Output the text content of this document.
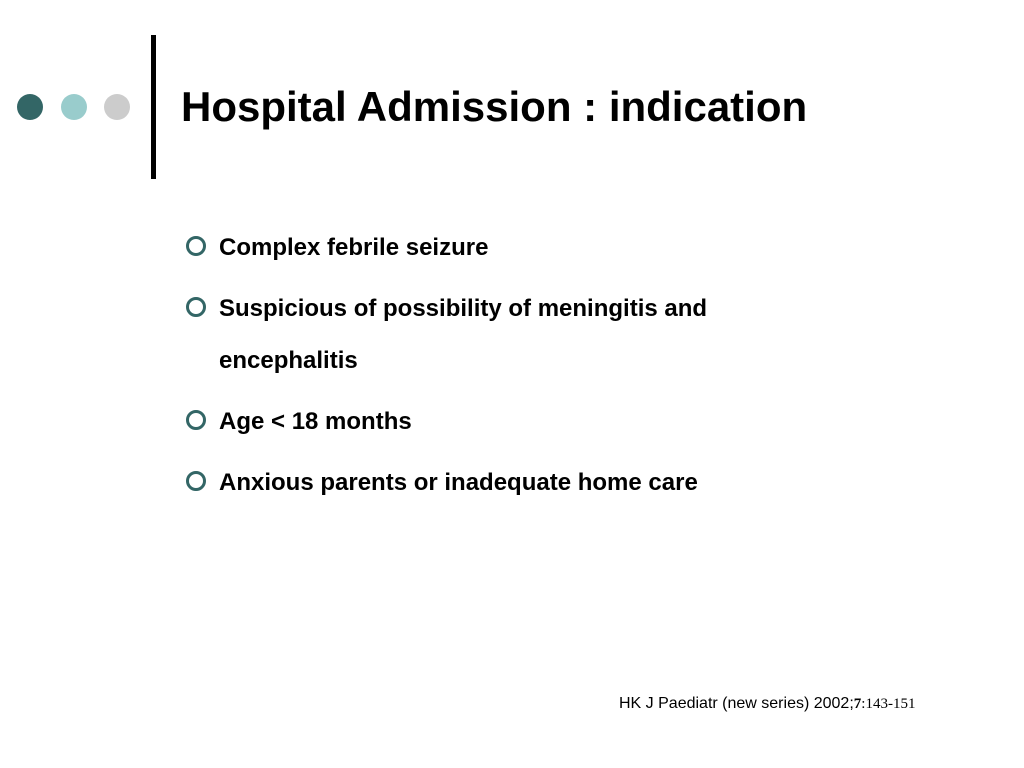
Hospital Admission : indication
Complex febrile seizure
Suspicious of possibility of meningitis and encephalitis
Age < 18 months
Anxious parents or inadequate home care
HK J Paediatr (new series) 2002;7:143-151
